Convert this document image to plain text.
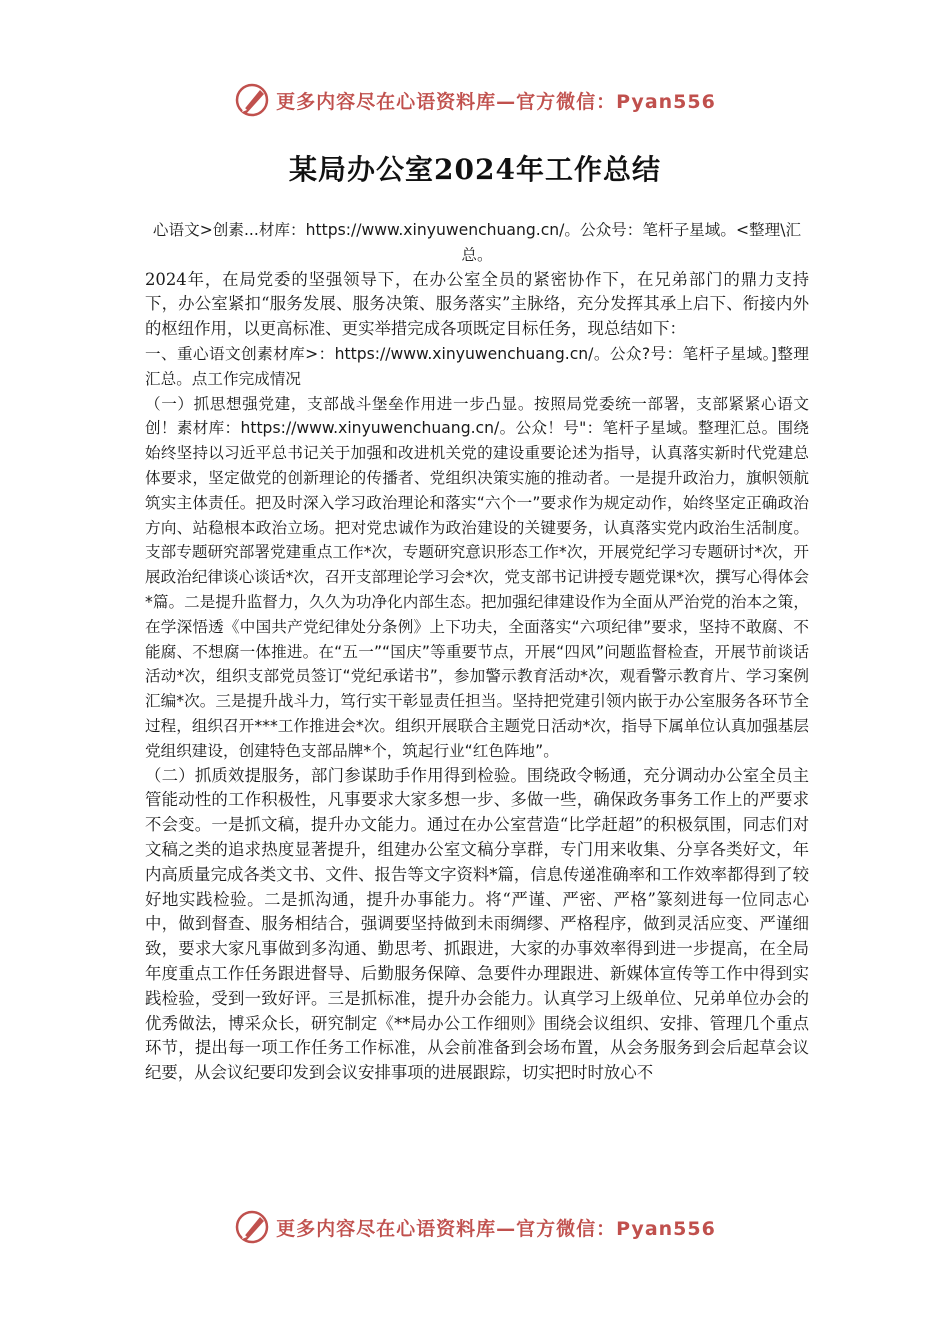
更多内容尽在心语资料库—官方微信：Pyan556
某局办公室2024年工作总结

心语文>创素...材库：https://www.xinyuwenchuang.cn/。公众号：笔杆子星域。<整理\汇总。

2024年，在局党委的坚强领导下，在办公室全员的紧密协作下，在兄弟部门的鼎力支持下，办公室紧扣“服务发展、服务决策、服务落实”主脉络，充分发挥其承上启下、衔接内外的枢纽作用，以更高标准、更实举措完成各项既定目标任务，现总结如下：

一、重心语文创素材库>：https://www.xinyuwenchuang.cn/。公众?号：笔杆子星域。]整理汇总。点工作完成情况

（一）抓思想强党建，支部战斗堡垒作用进一步凸显。按照局党委统一部署，支部紧紧心语文创！素材库：https://www.xinyuwenchuang.cn/。公众！号"：笔杆子星域。整理汇总。围绕始终坚持以习近平总书记关于加强和改进机关党的建设重要论述为指导，认真落实新时代党建总体要求，坚定做党的创新理论的传播者、党组织决策实施的推动者。一是提升政治力，旗帜领航筑实主体责任。把及时深入学习政治理论和落实“六个一”要求作为规定动作，始终坚定正确政治方向、站稳根本政治立场。把对党忠诚作为政治建设的关键要务，认真落实党内政治生活制度。支部专题研究部署党建重点工作*次，专题研究意识形态工作*次，开展党纪学习专题研讨*次，开展政治纪律谈心谈话*次，召开支部理论学习会*次，党支部书记讲授专题党课*次，撰写心得体会*篇。二是提升监督力，久久为功净化内部生态。把加强纪律建设作为全面从严治党的治本之策，在学深悟透《中国共产党纪律处分条例》上下功夫，全面落实“六项纪律”要求，坚持不敢腐、不能腐、不想腐一体推进。在“五一”“国庆”等重要节点，开展“四风”问题监督检查，开展节前谈话活动*次，组织支部党员签订“党纪承诺书”，参加警示教育活动*次，观看警示教育片、学习案例汇编*次。三是提升战斗力，笃行实干彰显责任担当。坚持把党建引领内嵌于办公室服务各环节全过程，组织召开***工作推进会*次。组织开展联合主题党日活动*次，指导下属单位认真加强基层党组织建设，创建特色支部品牌*个，筑起行业“红色阵地”。

（二）抓质效提服务，部门参谋助手作用得到检验。围绕政令畅通，充分调动办公室全员主管能动性的工作积极性，凡事要求大家多想一步、多做一些，确保政务事务工作上的严要求不会变。一是抓文稿，提升办文能力。通过在办公室营造“比学赶超”的积极氛围，同志们对文稿之类的追求热度显著提升，组建办公室文稿分享群，专门用来收集、分享各类好文，年内高质量完成各类文书、文件、报告等文字资料*篇，信息传递准确率和工作效率都得到了较好地实践检验。二是抓沟通，提升办事能力。将“严谨、严密、严格”篆刻进每一位同志心中，做到督查、服务相结合，强调要坚持做到未雨绸缪、严格程序，做到灵活应变、严谨细致，要求大家凡事做到多沟通、勤思考、抓跟进，大家的办事效率得到进一步提高，在全局年度重点工作任务跟进督导、后勤服务保障、急要件办理跟进、新媒体宣传等工作中得到实践检验，受到一致好评。三是抓标准，提升办会能力。认真学习上级单位、兄弟单位办会的优秀做法，博采众长，研究制定《**局办公工作细则》围绕会议组织、安排、管理几个重点环节，提出每一项工作任务工作标准，从会前准备到会场布置，从会务服务到会后起草会议纪要，从会议纪要印发到会议安排事项的进展跟踪，切实把时时放心不

更多内容尽在心语资料库—官方微信：Pyan556
